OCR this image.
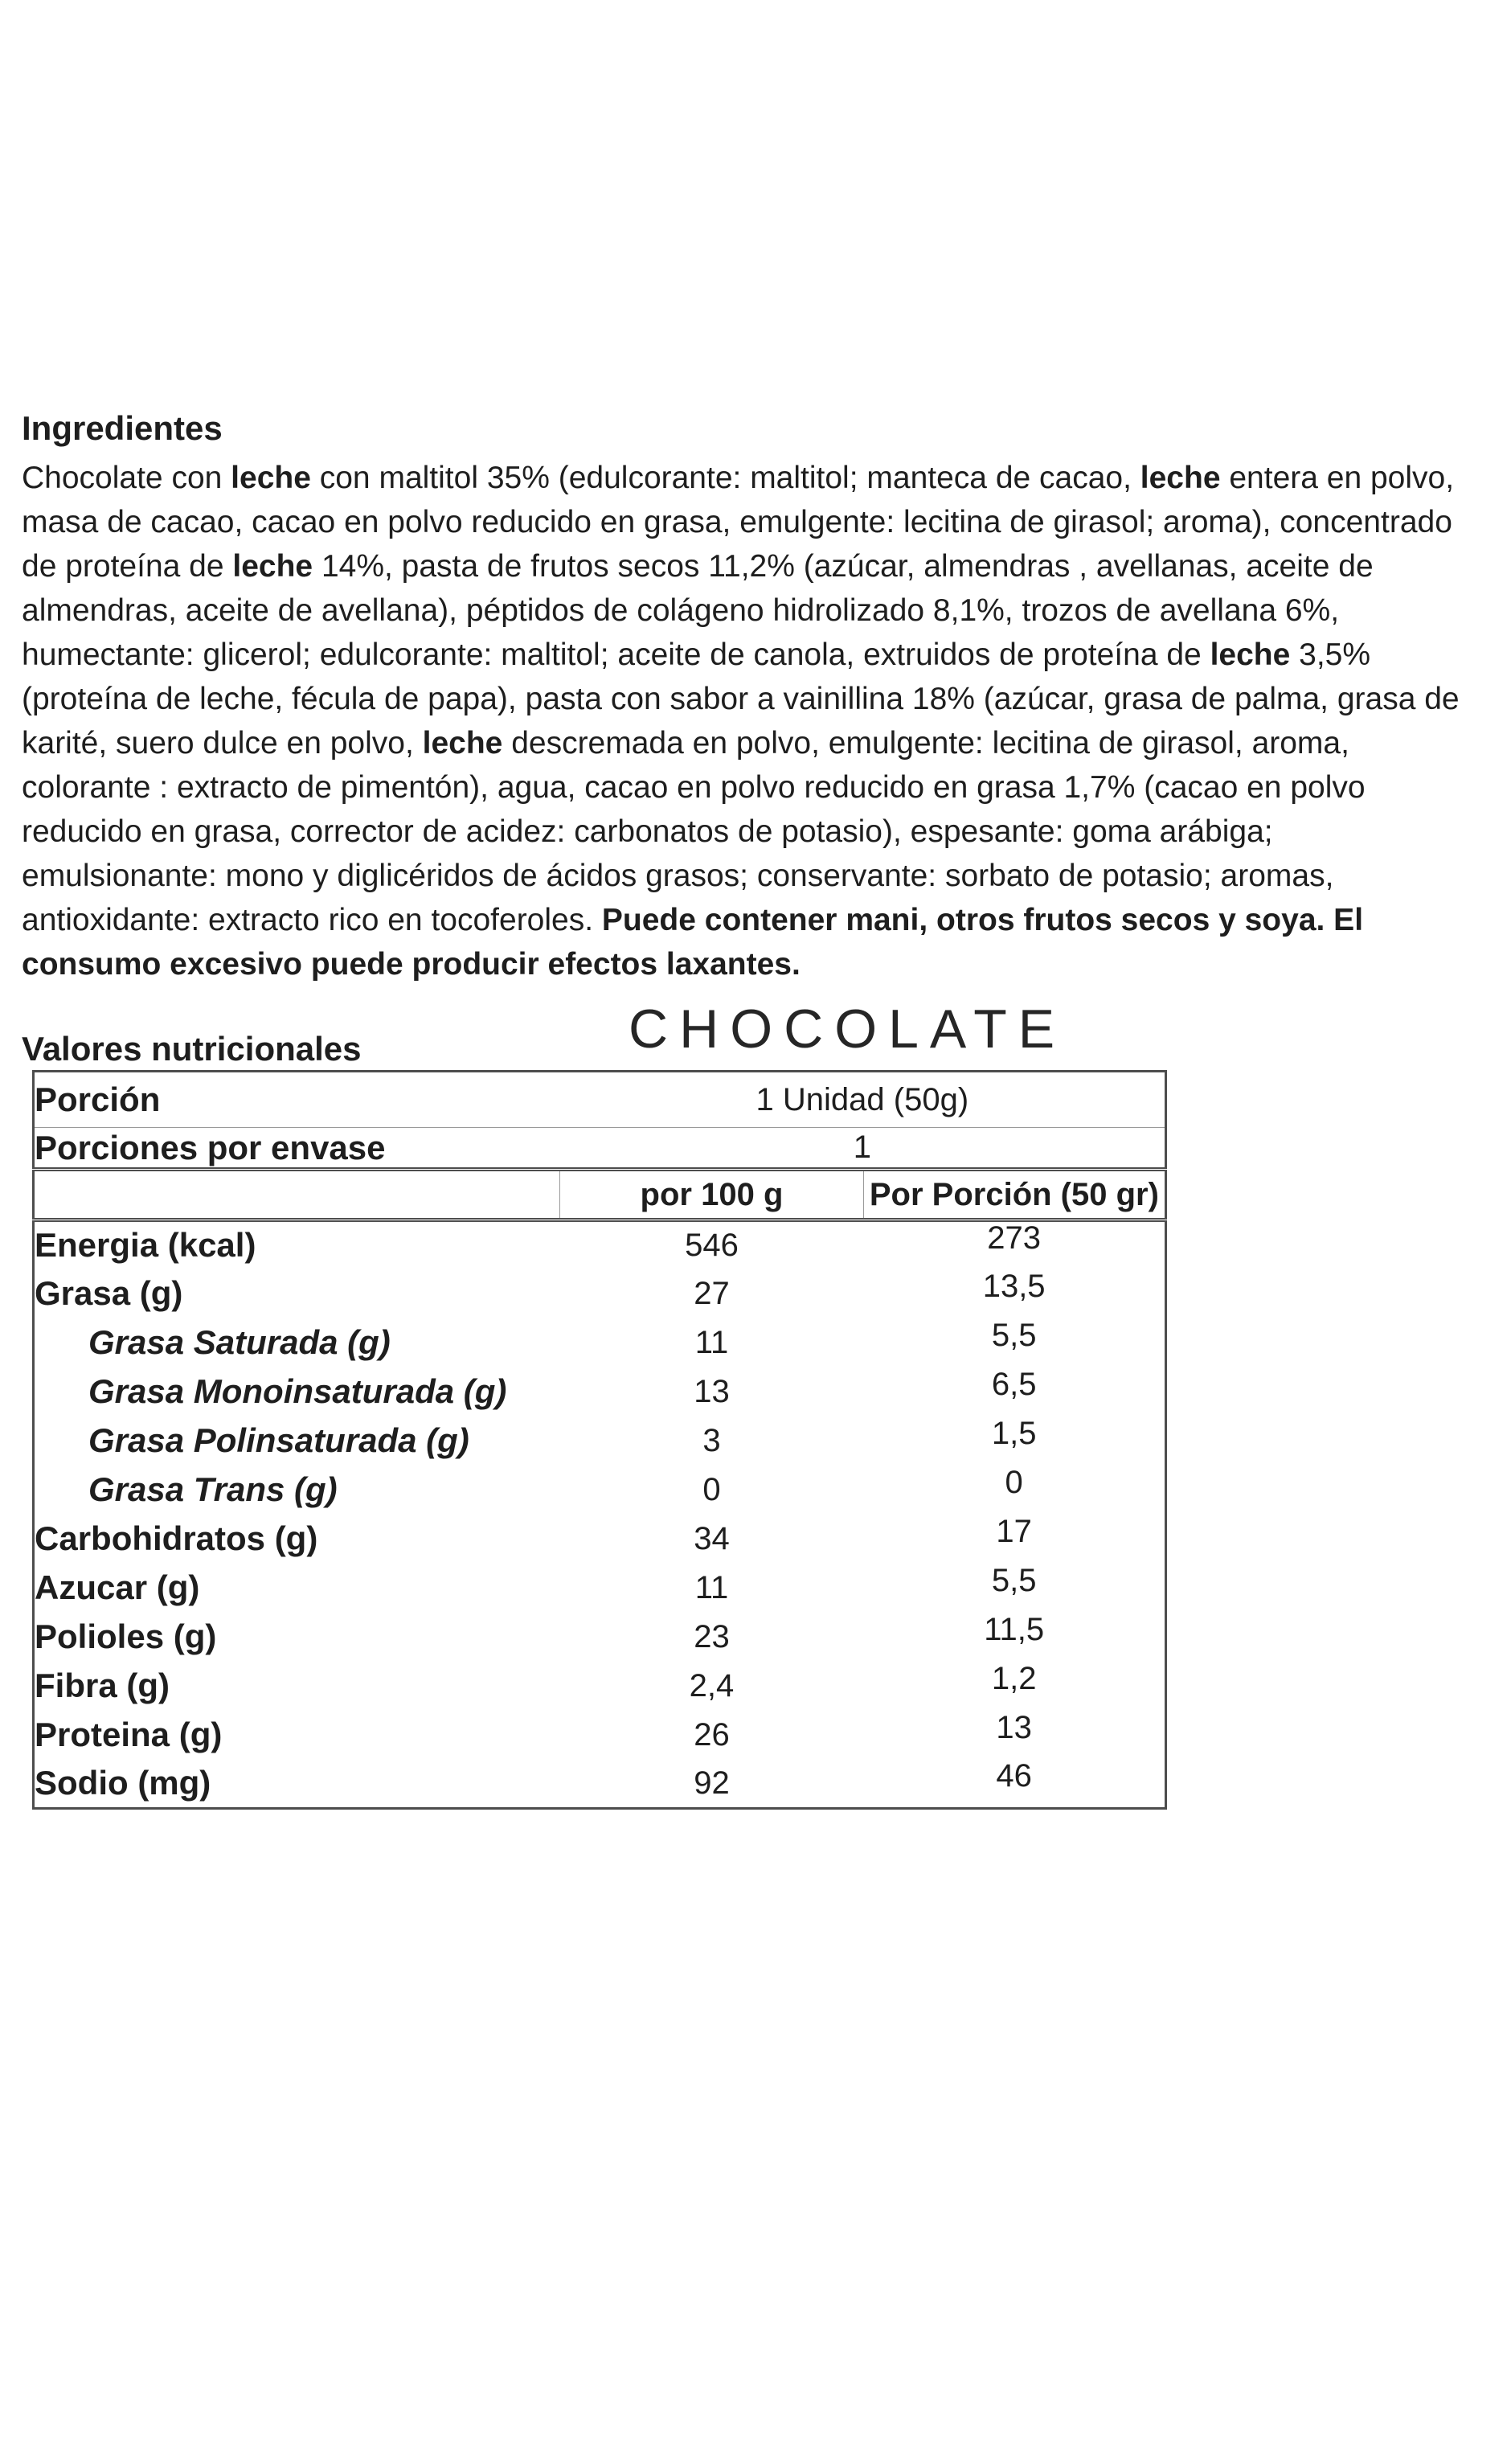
Ingredientes

Chocolate con leche con maltitol 35% (edulcorante: maltitol; manteca de cacao, leche entera en polvo, masa de cacao, cacao en polvo reducido en grasa, emulgente: lecitina de girasol; aroma), concentrado de proteína de leche 14%, pasta de frutos secos 11,2% (azúcar, almendras , avellanas, aceite de almendras, aceite de avellana), péptidos de colágeno hidrolizado 8,1%, trozos de avellana 6%, humectante: glicerol; edulcorante: maltitol; aceite de canola, extruidos de proteína de leche 3,5% (proteína de leche, fécula de papa), pasta con sabor a vainillina 18% (azúcar, grasa de palma, grasa de karité, suero dulce en polvo, leche descremada en polvo, emulgente: lecitina de girasol, aroma, colorante : extracto de pimentón), agua, cacao en polvo reducido en grasa 1,7% (cacao en polvo reducido en grasa, corrector de acidez: carbonatos de potasio), espesante: goma arábiga; emulsionante: mono y diglicéridos de ácidos grasos; conservante: sorbato de potasio; aromas, antioxidante: extracto rico en tocoferoles. Puede contener mani, otros frutos secos y soya. El consumo excesivo puede producir efectos laxantes.

Valores nutricionales	CHOCOLATE
Porción	1 Unidad (50g)	
Porciones por envase	1	
	por 100 g	Por Porción (50 gr)
Energia (kcal)	546	273
Grasa (g)	27	13,5
Grasa Saturada (g)	11	5,5
Grasa Monoinsaturada (g)	13	6,5
Grasa Polinsaturada (g)	3	1,5
Grasa Trans (g)	0	0
Carbohidratos (g)	34	17
Azucar (g)	11	5,5
Polioles (g)	23	11,5
Fibra (g)	2,4	1,2
Proteina (g)	26	13
Sodio (mg)	92	46
